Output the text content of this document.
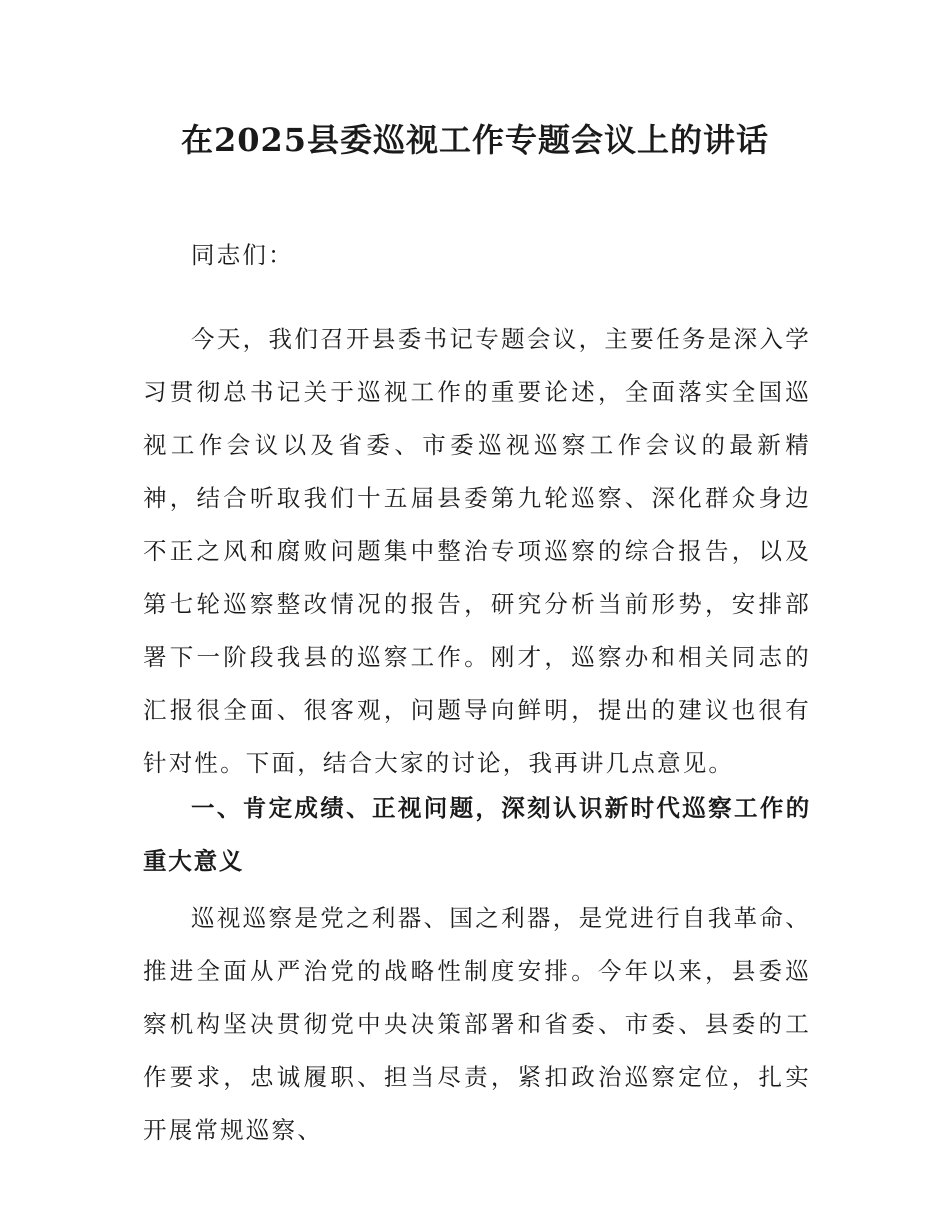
在2025县委巡视工作专题会议上的讲话

同志们：

今天，我们召开县委书记专题会议，主要任务是深入学习贯彻总书记关于巡视工作的重要论述，全面落实全国巡视工作会议以及省委、市委巡视巡察工作会议的最新精神，结合听取我们十五届县委第九轮巡察、深化群众身边不正之风和腐败问题集中整治专项巡察的综合报告，以及第七轮巡察整改情况的报告，研究分析当前形势，安排部署下一阶段我县的巡察工作。刚才，巡察办和相关同志的汇报很全面、很客观，问题导向鲜明，提出的建议也很有针对性。下面，结合大家的讨论，我再讲几点意见。

一、肯定成绩、正视问题，深刻认识新时代巡察工作的重大意义

巡视巡察是党之利器、国之利器，是党进行自我革命、推进全面从严治党的战略性制度安排。今年以来，县委巡察机构坚决贯彻党中央决策部署和省委、市委、县委的工作要求，忠诚履职、担当尽责，紧扣政治巡察定位，扎实开展常规巡察、
